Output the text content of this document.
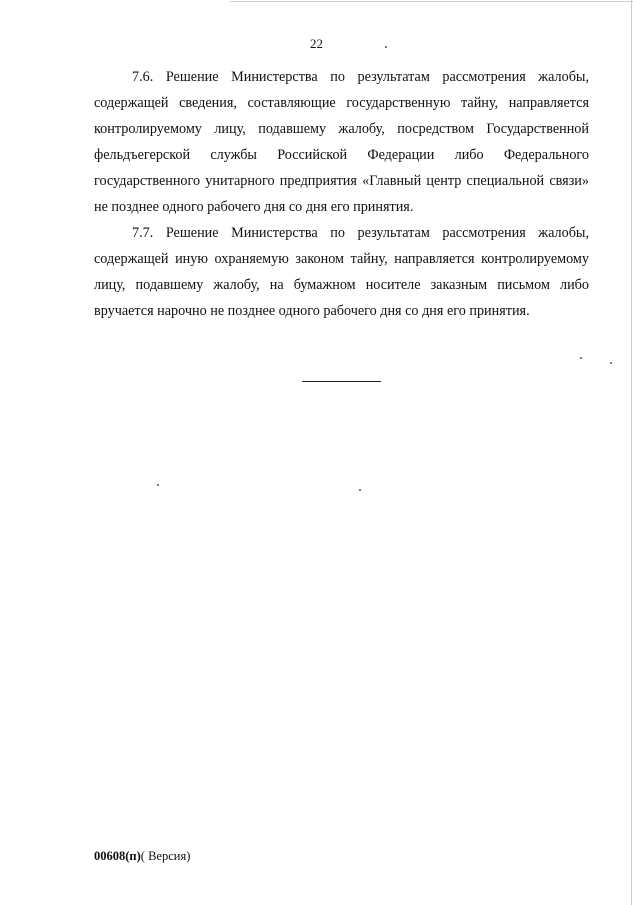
22

7.6. Решение Министерства по результатам рассмотрения жалобы, содержащей сведения, составляющие государственную тайну, направляется контролируемому лицу, подавшему жалобу, посредством Государственной фельдъегерской службы Российской Федерации либо Федерального государственного унитарного предприятия «Главный центр специальной связи» не позднее одного рабочего дня со дня его принятия.

7.7. Решение Министерства по результатам рассмотрения жалобы, содержащей иную охраняемую законом тайну, направляется контролируемому лицу, подавшему жалобу, на бумажном носителе заказным письмом либо вручается нарочно не позднее одного рабочего дня со дня его принятия.

00608(п)( Версия)
